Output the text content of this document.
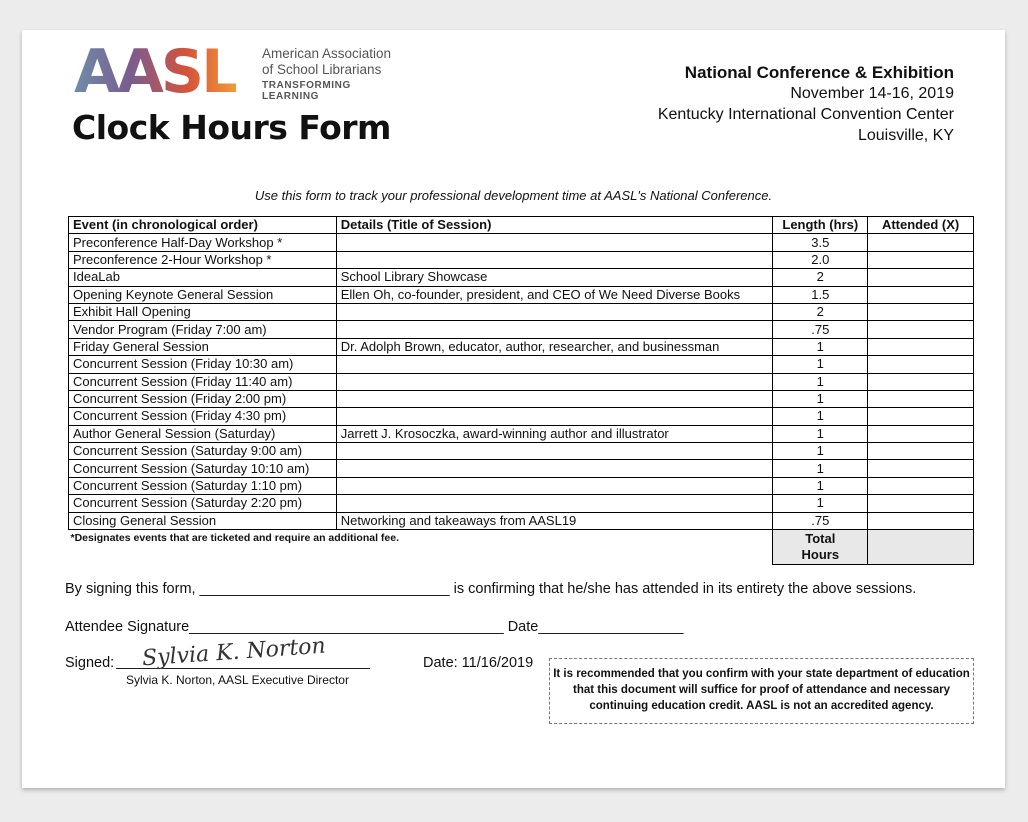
AASL American Association
of School Librarians
TRANSFORMING LEARNING
Clock Hours Form
National Conference & Exhibition
November 14-16, 2019
Kentucky International Convention Center
Louisville, KY
Use this form to track your professional development time at AASL's National Conference.
Event (in chronological order)	Details (Title of Session)	Length (hrs)	Attended (X)
Preconference Half-Day Workshop *		3.5	
Preconference 2-Hour Workshop *		2.0	
IdeaLab	School Library Showcase	2	
Opening Keynote General Session	Ellen Oh, co-founder, president, and CEO of We Need Diverse Books	1.5	
Exhibit Hall Opening		2	
Vendor Program (Friday 7:00 am)		.75	
Friday General Session	Dr. Adolph Brown, educator, author, researcher, and businessman	1	
Concurrent Session (Friday 10:30 am)		1	
Concurrent Session (Friday 11:40 am)		1	
Concurrent Session (Friday 2:00 pm)		1	
Concurrent Session (Friday 4:30 pm)		1	
Author General Session (Saturday)	Jarrett J. Krosoczka, award-winning author and illustrator	1	
Concurrent Session (Saturday 9:00 am)		1	
Concurrent Session (Saturday 10:10 am)		1	
Concurrent Session (Saturday 1:10 pm)		1	
Concurrent Session (Saturday 2:20 pm)		1	
Closing General Session	Networking and takeaways from AASL19	.75	
*Designates events that are ticketed and require an additional fee.		Total
Hours	

By signing this form, _______________________________ is confirming that he/she has attended in its entirety the above sessions.
Attendee Signature_______________________________________ Date__________________
Signed: Sylvia K. Norton
Sylvia K. Norton, AASL Executive Director
Date: 11/16/2019
It is recommended that you confirm with your state department of education that this document will suffice for proof of attendance and necessary continuing education credit. AASL is not an accredited agency.
